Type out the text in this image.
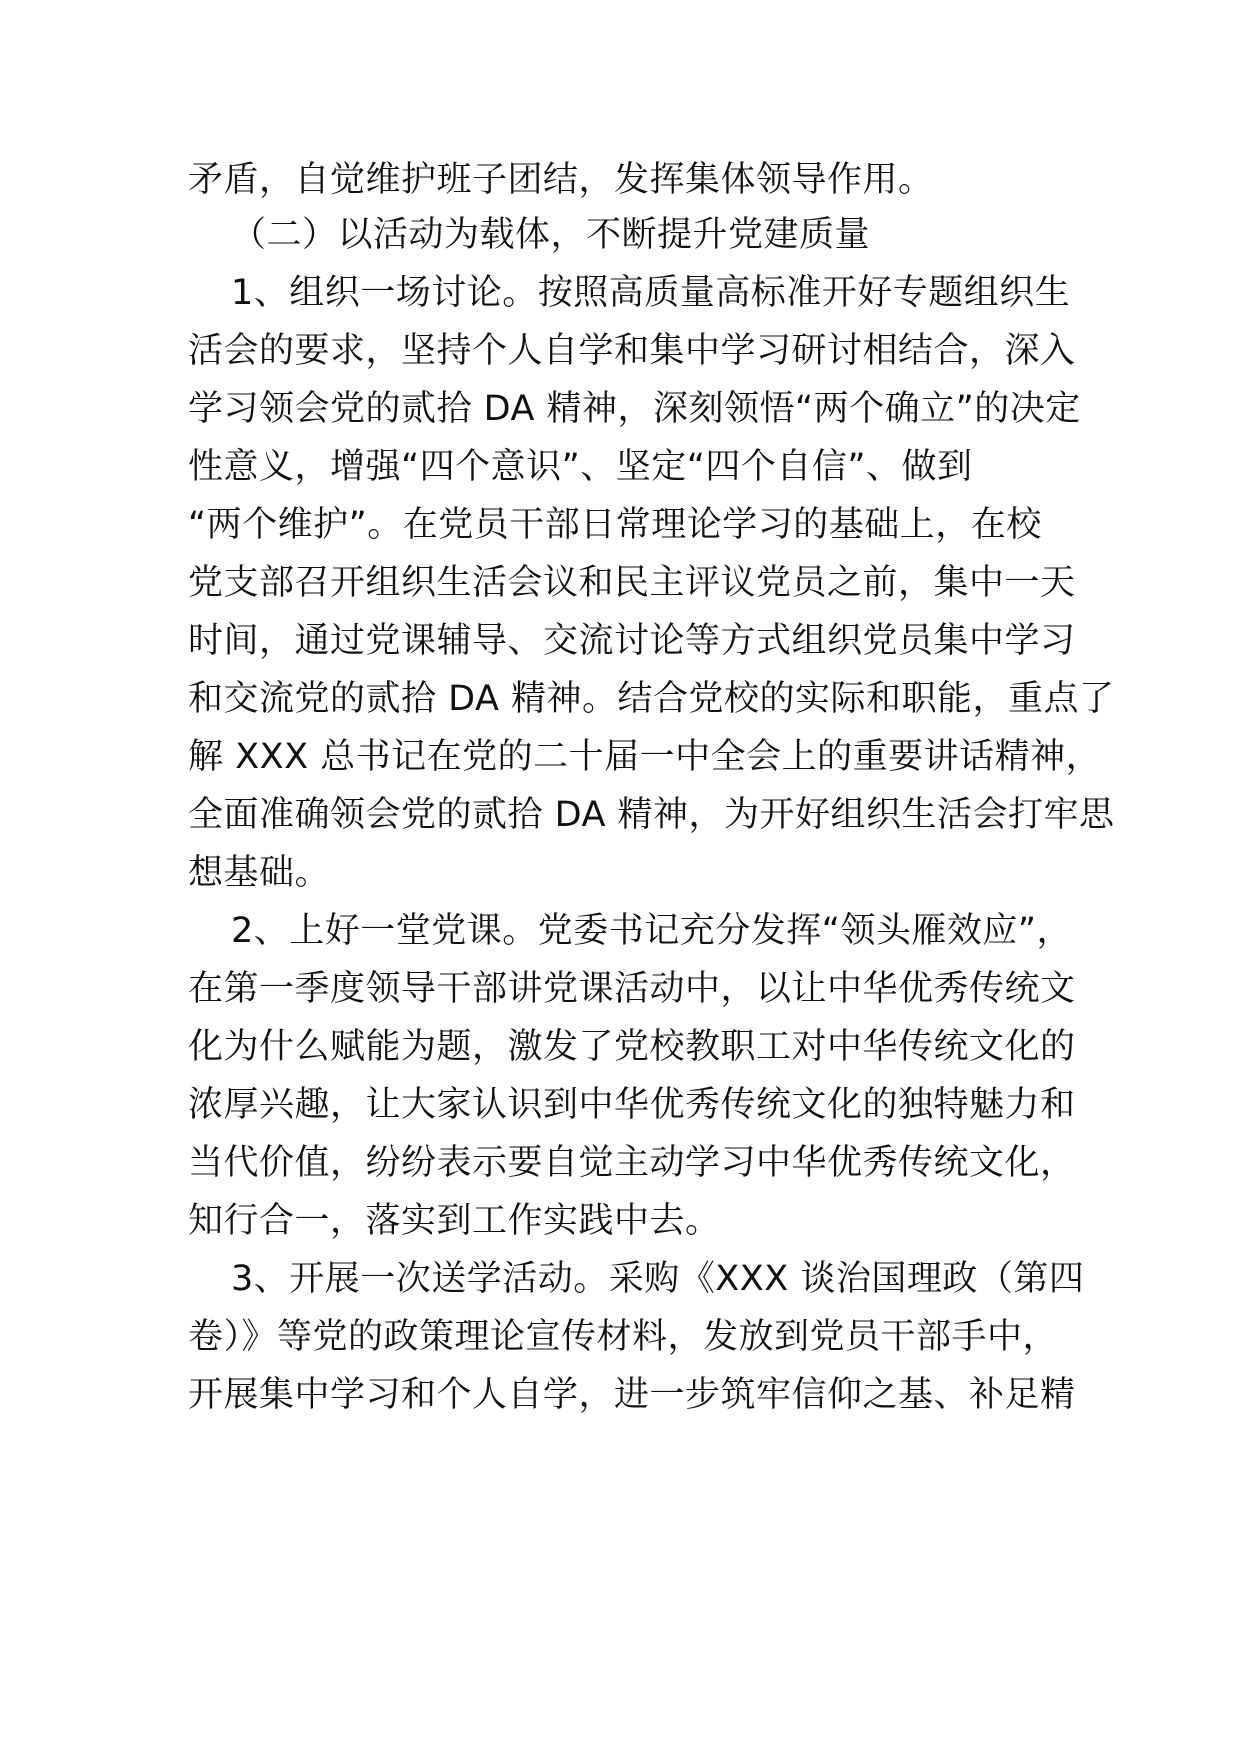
矛盾，自觉维护班子团结，发挥集体领导作用。
（二）以活动为载体，不断提升党建质量
1、组织一场讨论。按照高质量高标准开好专题组织生
活会的要求，坚持个人自学和集中学习研讨相结合，深入
学习领会党的贰拾 DA 精神，深刻领悟“两个确立”的决定
性意义，增强“四个意识”、坚定“四个自信”、做到
“两个维护”。在党员干部日常理论学习的基础上，在校
党支部召开组织生活会议和民主评议党员之前，集中一天
时间，通过党课辅导、交流讨论等方式组织党员集中学习
和交流党的贰拾 DA 精神。结合党校的实际和职能，重点了
解 XXX 总书记在党的二十届一中全会上的重要讲话精神，
全面准确领会党的贰拾 DA 精神，为开好组织生活会打牢思
想基础。
2、上好一堂党课。党委书记充分发挥“领头雁效应”，
在第一季度领导干部讲党课活动中，以让中华优秀传统文
化为什么赋能为题，激发了党校教职工对中华传统文化的
浓厚兴趣，让大家认识到中华优秀传统文化的独特魅力和
当代价值，纷纷表示要自觉主动学习中华优秀传统文化，
知行合一，落实到工作实践中去。
3、开展一次送学活动。采购《XXX 谈治国理政（第四
卷）》等党的政策理论宣传材料，发放到党员干部手中，
开展集中学习和个人自学，进一步筑牢信仰之基、补足精
